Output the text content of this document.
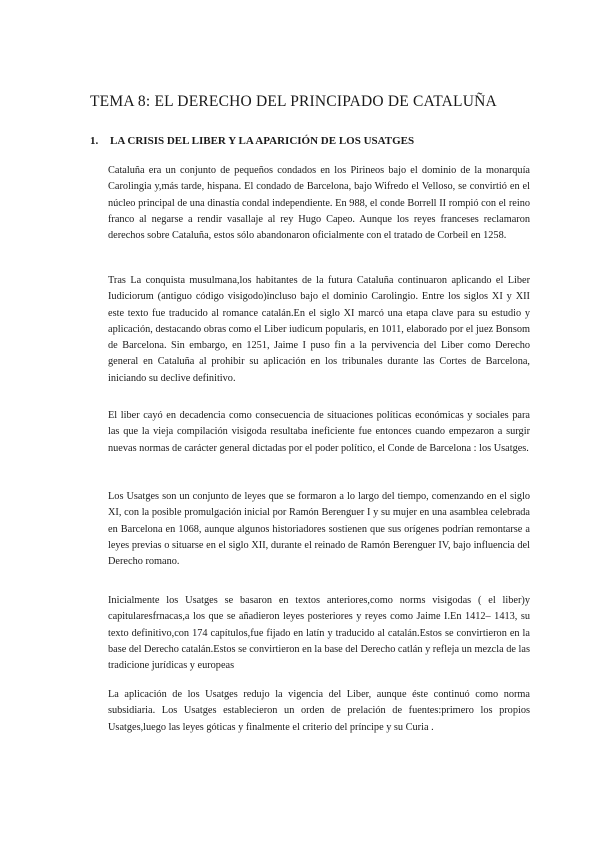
TEMA 8: EL DERECHO DEL PRINCIPADO DE CATALUÑA
1. LA CRISIS DEL LIBER Y LA APARICIÓN DE LOS USATGES

Cataluña era un conjunto de pequeños condados en los Pirineos bajo el dominio de la monarquía Carolingia y,más tarde, hispana. El condado de Barcelona, bajo Wifredo el Velloso, se convirtió en el núcleo principal de una dinastía condal independiente. En 988, el conde Borrell II rompió con el reino franco al negarse a rendir vasallaje al rey Hugo Capeo. Aunque los reyes franceses reclamaron derechos sobre Cataluña, estos sólo abandonaron oficialmente con el tratado de Corbeil en 1258.

Tras La conquista musulmana,los habitantes de la futura Cataluña continuaron aplicando el Liber Iudiciorum (antiguo código visigodo)incluso bajo el dominio Carolingio. Entre los siglos XI y XII este texto fue traducido al romance catalán.En el siglo XI marcó una etapa clave para su estudio y aplicación, destacando obras como el Liber iudicum popularis, en 1011, elaborado por el juez Bonsom de Barcelona. Sin embargo, en 1251, Jaime I puso fin a la pervivencia del Liber como Derecho general en Cataluña al prohibir su aplicación en los tribunales durante las Cortes de Barcelona, iniciando su declive definitivo.

El liber cayó en decadencia como consecuencia de situaciones políticas económicas y sociales para las que la vieja compilación visigoda resultaba ineficiente fue entonces cuando empezaron a surgir nuevas normas de carácter general dictadas por el poder político, el Conde de Barcelona : los Usatges.

Los Usatges son un conjunto de leyes que se formaron a lo largo del tiempo, comenzando en el siglo XI, con la posible promulgación inicial por Ramón Berenguer I y su mujer en una asamblea celebrada en Barcelona en 1068, aunque algunos historiadores sostienen que sus orígenes podrían remontarse a leyes previas o situarse en el siglo XII, durante el reinado de Ramón Berenguer IV, bajo influencia del Derecho romano.

Inicialmente los Usatges se basaron en textos anteriores,como norms visigodas ( el liber)y capitularesfrnacas,a los que se añadieron leyes posteriores y reyes como Jaime I.En 1412– 1413, su texto definitivo,con 174 capítulos,fue fijado en latín y traducido al catalán.Estos se convirtieron en la base del Derecho catalán.Estos se convirtieron en la base del Derecho catlán y refleja un mezcla de las tradicione jurídicas y europeas

La aplicación de los Usatges redujo la vigencia del Liber, aunque éste continuó como norma subsidiaria. Los Usatges establecieron un orden de prelación de fuentes:primero los propios Usatges,luego las leyes góticas y finalmente el criterio del príncipe y su Curia .
